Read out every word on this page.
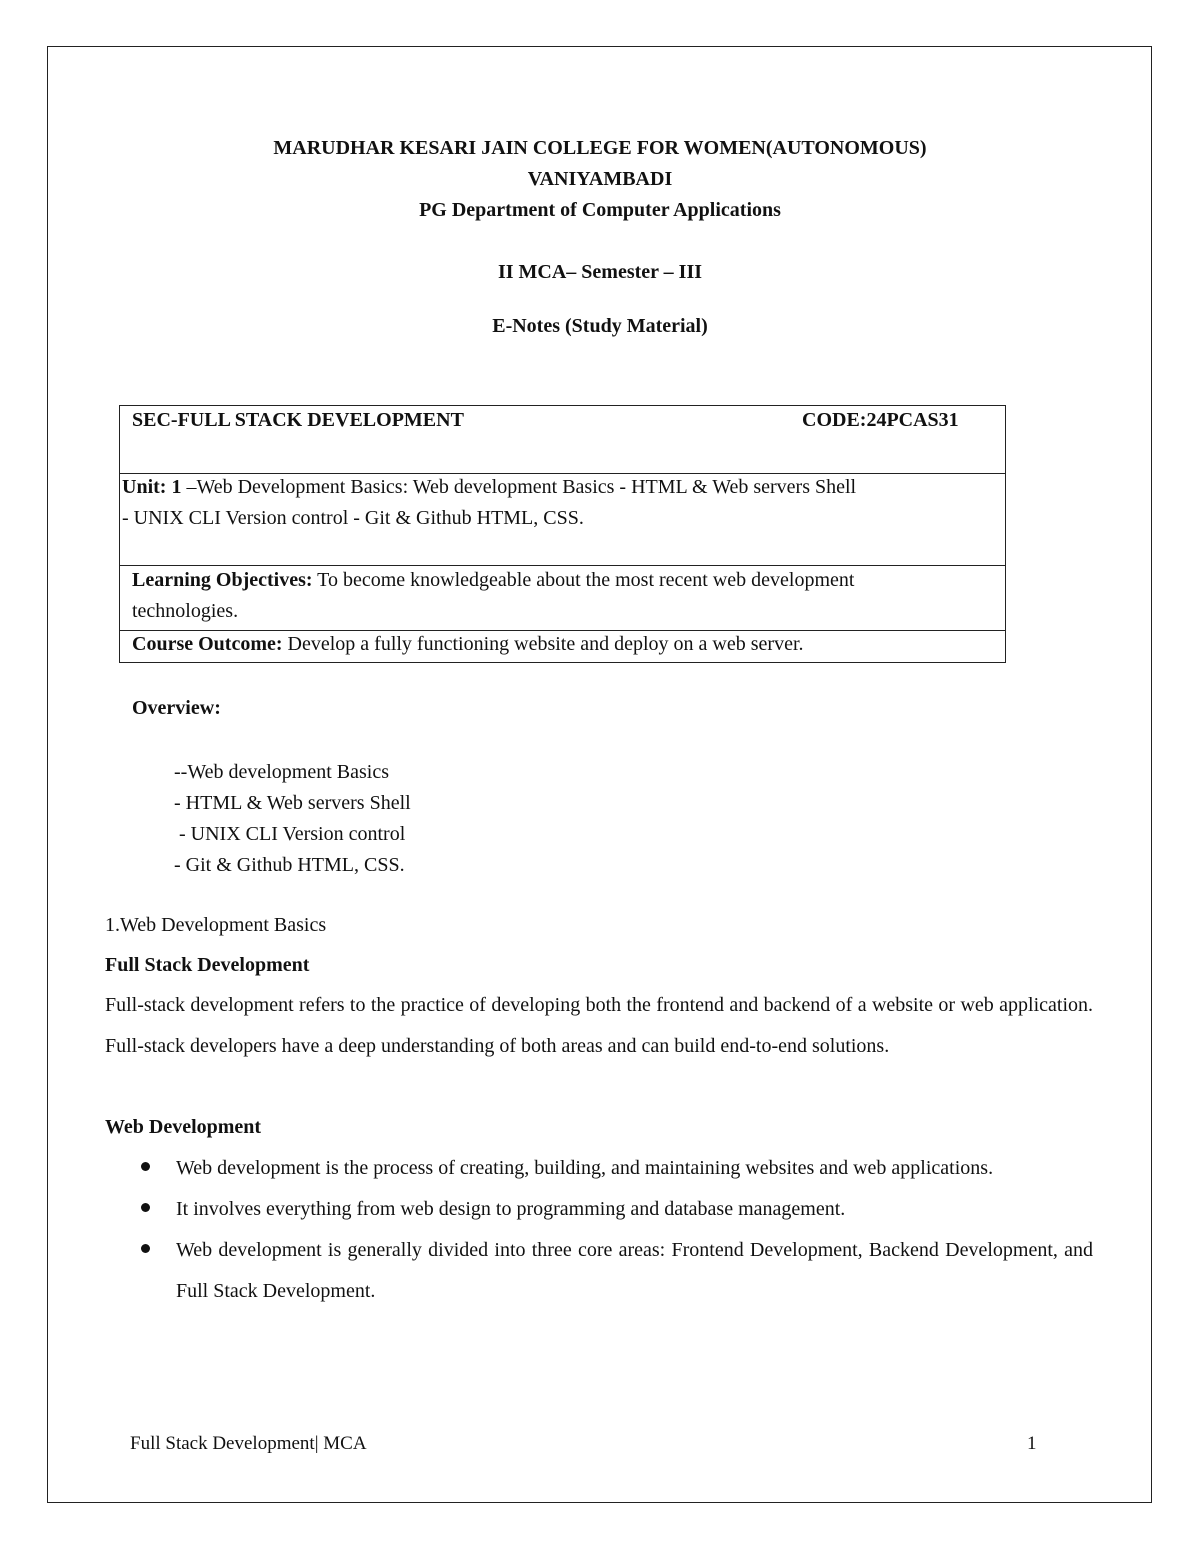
MARUDHAR KESARI JAIN COLLEGE FOR WOMEN(AUTONOMOUS)
VANIYAMBADI
PG Department of Computer Applications
II MCA– Semester – III
E-Notes (Study Material)
SEC-FULL STACK DEVELOPMENT	CODE:24PCAS31
Unit: 1 –Web Development Basics: Web development Basics - HTML & Web servers Shell
- UNIX CLI Version control - Git & Github HTML, CSS.
Learning Objectives: To become knowledgeable about the most recent web development
technologies.
Course Outcome: Develop a fully functioning website and deploy on a web server.
Overview:
--Web development Basics
- HTML & Web servers Shell
- UNIX CLI Version control
- Git & Github HTML, CSS.
1.Web Development Basics
Full Stack Development
Full-stack development refers to the practice of developing both the frontend and backend of a website or web application. Full-stack developers have a deep understanding of both areas and can build end-to-end solutions.
Web Development
Web development is the process of creating, building, and maintaining websites and web applications.
It involves everything from web design to programming and database management.
Web development is generally divided into three core areas: Frontend Development, Backend Development, and Full Stack Development.
Full Stack Development| MCA	1
